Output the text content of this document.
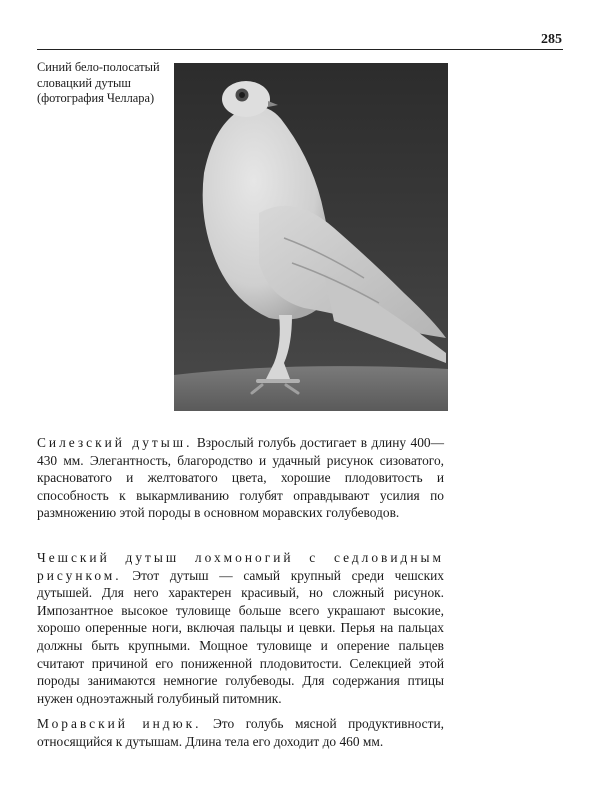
285
Синий бело-полосатый словацкий дутыш (фотография Челлара)
Силезский дутыш. Взрослый голубь достигает в длину 400—430 мм. Элегантность, благородство и удачный рисунок сизоватого, красноватого и желтоватого цвета, хорошие плодовитость и способность к выкармливанию голубят оправдывают усилия по размножению этой породы в основном моравских голубеводов.
Чешский дутыш лохмоногий с седловидным рисунком. Этот дутыш — самый крупный среди чешских дутышей. Для него характерен красивый, но сложный рисунок. Импозантное высокое туловище больше всего украшают высокие, хорошо оперенные ноги, включая пальцы и цевки. Перья на пальцах должны быть крупными. Мощное туловище и оперение пальцев считают причиной его пониженной плодовитости. Селекцией этой породы занимаются немногие голубеводы. Для содержания птицы нужен одноэтажный голубиный питомник.
Моравский индюк. Это голубь мясной продуктивности, относящийся к дутышам. Длина тела его доходит до 460 мм.
